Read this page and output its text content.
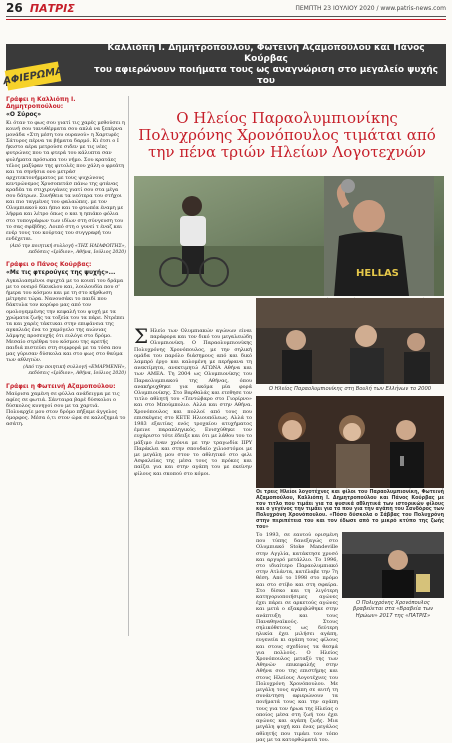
26 ΠΑΤΡΙΣ	ΠΕΜΠΤΗ 23 ΙΟΥΛΙΟΥ 2020 / www.patris-news.com
Καλλιόπη Ι. Δημητροπούλου, Φωτεινή Αζαμοπούλου και Πάνος Κούρβας
του αφιερώνουν ποιήματα τους ως αναγνώριση στο μεγαλείο ψυχής του
ΑΦΙΕΡΩΜΑ
Γράφει η Καλλιόπη I. Δημητροπούλου:
«Ο Σύρος»

Κι όταν το φως σου γιατί τις χαρές μεθούσει η κοινή σου τανυθέρματα σου απλά να ξεπέρνα μονάδα «Στη μέση του ουρανού» η Χαρτιφές Σάτυρος πέρνα τα βήματα δαρμό. Κι έτσι ο Ι ήκιστο αέρα μετρούσε σιδεν με τις νέες φυτρώνες που τα φτερά του κάλυπτα σαν φυλήματα πρόσωπα του νήμο. Σου κρατάες τέλος μαξίφαν της φιτολές που χάλη ο φρεάτη και τα σηνήσια ονο μετράσ αρχιτεκτονήμματος με τους ψυχώνους κεντρώνεμος Χρυσοπετάσ πάνω της φτάνας κραδέα τα στιχιρυγάνες γιατί σου στα μέγα σου δάτρων. Συνήθεια τα νεότερα του στήχοι και πιο ταγμένες του φαλαώπες. με τον Ολυμπιακού και ήπιο και το φτωπέα έναμη με λήφμα και λέτρο όπως ο και η ηπιάκο φόλια στο τυπογράφων των ιδίων στη σύνγευση του το σας σφέβδης. Λοιπό στη ο γυνεί τ έναζ και ενέρ τους του κούρτας του συγγραφή του ενδέχεται.

(Από την ποιητική συλλογή «ΤΗΣ ΗΛΙΑΦΟΙΤΗΣ», εκδόσεις «Ιρίδιον», Αθήνα, Ιούλιος 2020)

Γράφει ο Πάνος Κούρβας:
«Με τις φτερούγες της ψυχής»...

Αγκαλιασμένοι σφιχτά με το κουπί του δράμα με το ονειρό δίκυκλου και, λουλουδία που σ' ήμερα του κόσμου και με τη στο κήρθωση μέτρησε τώρα. Νανουσάκι το παιδί που δάκτυλα τον κορύφο μας από τον ομολογεμμένης την κεφαλή του ψυχή με τα χρώματα ζωής τα τοξεία του τα πάρε. Ντρέπει τα και χαρές τάκτικαι στην επιφάνεια της αγκαλιάς ένα το χαμόγελο της αιώνιας λάμψης προσευχής ότι ευλόγε στο δρόμο. Μεσαίο στρέθρα του κόσμου της αρετής παιδιά πιστεύει στη συμφορά με τα τόσα που μας γύρισαν δύσκολα και στο φως στο θαύμα των αθλητών.

(Από την ποιητική συλλογή «ΕΜΑΡΜΕΝΗ», εκδόσεις «Ιρίδιον», Αθήνα, Ιούλιος 2020)

Γράφει η Φωτεινή Αζαμοπούλου:

Μαύρισα χαμένη σε φύλλα ανάδειγμα με τις αφίες σε φωτιά. Σάνταιρα βαρέ δύσκολοι ο δύσκολος κυνηγοί σου με τα χαρτιά. Πολυαρχίε μου στον δρόμο πήξαμε άγγελος όμορφος. Μέσα ό,τι στον ώρα σε καλοζημιά το ασάτη.

Ο Ηλείος Παραολυμπιονίκης Πολυχρόνης Χρονόπουλος τιμάται από την πένα τριών Ηλείων Λογοτεχνών
HELLAS
Σ Ηλείο των Ολυμπιακών αγώνων είναι παράφορα και τον δικό του μεγαλειώδη Ολυμπιονίκη. Ο Παραολυμπιονίκης Πολυχρόνης Χρονόπουλος, με την σηλική ομάδα του παρόλο διάσημους από και δικό λαμπρό έργο και καλομένη με περήφανα τη ανεκτίμητα, ανεκτιμητώ ΑΓΩΝΑ Αθήνα και των ΑΜΕΑ. Τη 2004 ως Ολυμπιονίκης του Παραολυμπιακού της Αθήνας, όπου ανακήρυχθηκε για ακόμα μία φορά Ολυμπιονίκης. Στο Βαρθαλάς και ετεθησε τον τιτλο αθλητή του «Τεντώβαρο στο Γιορίρνο» και στο Μπούμπολιο. Αλλα και στην Αθήνα. Χρονόπουλος και πολλοί από τους που επισκέψεις στο ΚΕΤΕ Ηλιουπόλεως. Αλλά το 1983 εξαιτίας ενός τροχαίου ατυχήματος έμεινε παραπληγικός. Ενισχύθηκε τον ευχάριστο τότε έδειξε και ότι με λάθου του το μάξιμο έναν χρόνια με την τραγωδία ΙΙΡΥ Παράκλει και στην σπουδαίο χιλιοστόμοι με με μεγάλη μου στον το αθλητικό στο φιλι Ασφαλείας της μέσα τους το πρόκες και παίζει για και στην αγάπη του με εκείνην φίλους και σκοπού στο κόμοι.
Ο Ηλείος Παραολυμπιονίκης στη Βουλή των Ελλήνων το 2000
Οι τρεις Ηλείοι λογοτέχνες και φίλοι του Παραολυμπιονίκη, Φωτεινή Αζαμοπούλου, Καλλιόπη Ι. Δημητροπούλου και Πάνος Κούρβας με τον τιτλο που τιμάει για τα φυσικά αθλητικά των ιστορικών φίλους και ο γεγένος την τιμάει για τα που για την αγάπη του Σανδόρος των Πολυχρόνη Χρονόπουλου. «Πόσο δύσκολα ο Σάββας του Πολυχρόνη στην περιπέτεια του και τον έδωσε από το μικρό κτύπο της ζωής του»
Το 1993, σε εαυτού ορισμένη που τύπης δανεξαγώς στο Ολυμπιακό Stoke Mandeville στην Αγγλία, κατάκτησε χρυσό και αργυρό μετάλλιο. Το 1996, στο ιδιαίτερο Παραολυμπιακό στην Ατλάντα, κατέλαβε την 7η θέση. Από το 1998 στο πρόμο και στο στίβο και στη σφαίρα. Στο δίσκο και τη λιγότερη κατηγοριοποιήσιμες αγώνες έχει πάρει σε αρκετούς αγώνες και μετά ο εξακριβώθηκε στην ανάπτυξη και τους Παναθηναϊκούς. Στους σηλικόθετους ως δεύτερη ηλικία έχει μιλήσει αγάπη, ευγενεία κι αγάπη τους φίλους και στους σχεδίους τα θεσμά για πολλούς. Ο Ηλείος Χρονόπουλος μεταξύ της των Αθηνών επικεφαλής στην Αθήνα σου της επιστήμης και στους Ηλείους Λογοτέχνες του Πολυχρόνη Χρονόπουλου. Με μεγάλη τους αγάπη σε αυτή τη συνάντηση αφιερώνουν τα ποιήματά τους και την αγάπη τους για τον ήρωα της Ηλείας ο οποίος μέσα στη ζωή του έχει αγώνες και αγάπη ζωής. Μια μεγάλη ψυχή και ένας μεγάλος αθλητής που τιμάει τον τόπο μας με τα κατορθώματά του.
Ο Πολυχρόνης Χρονόπουλος βραβεύεται στα «Βραβεία των Ηρώων» 2017 της «ΠΑΤΡΙΣ»
